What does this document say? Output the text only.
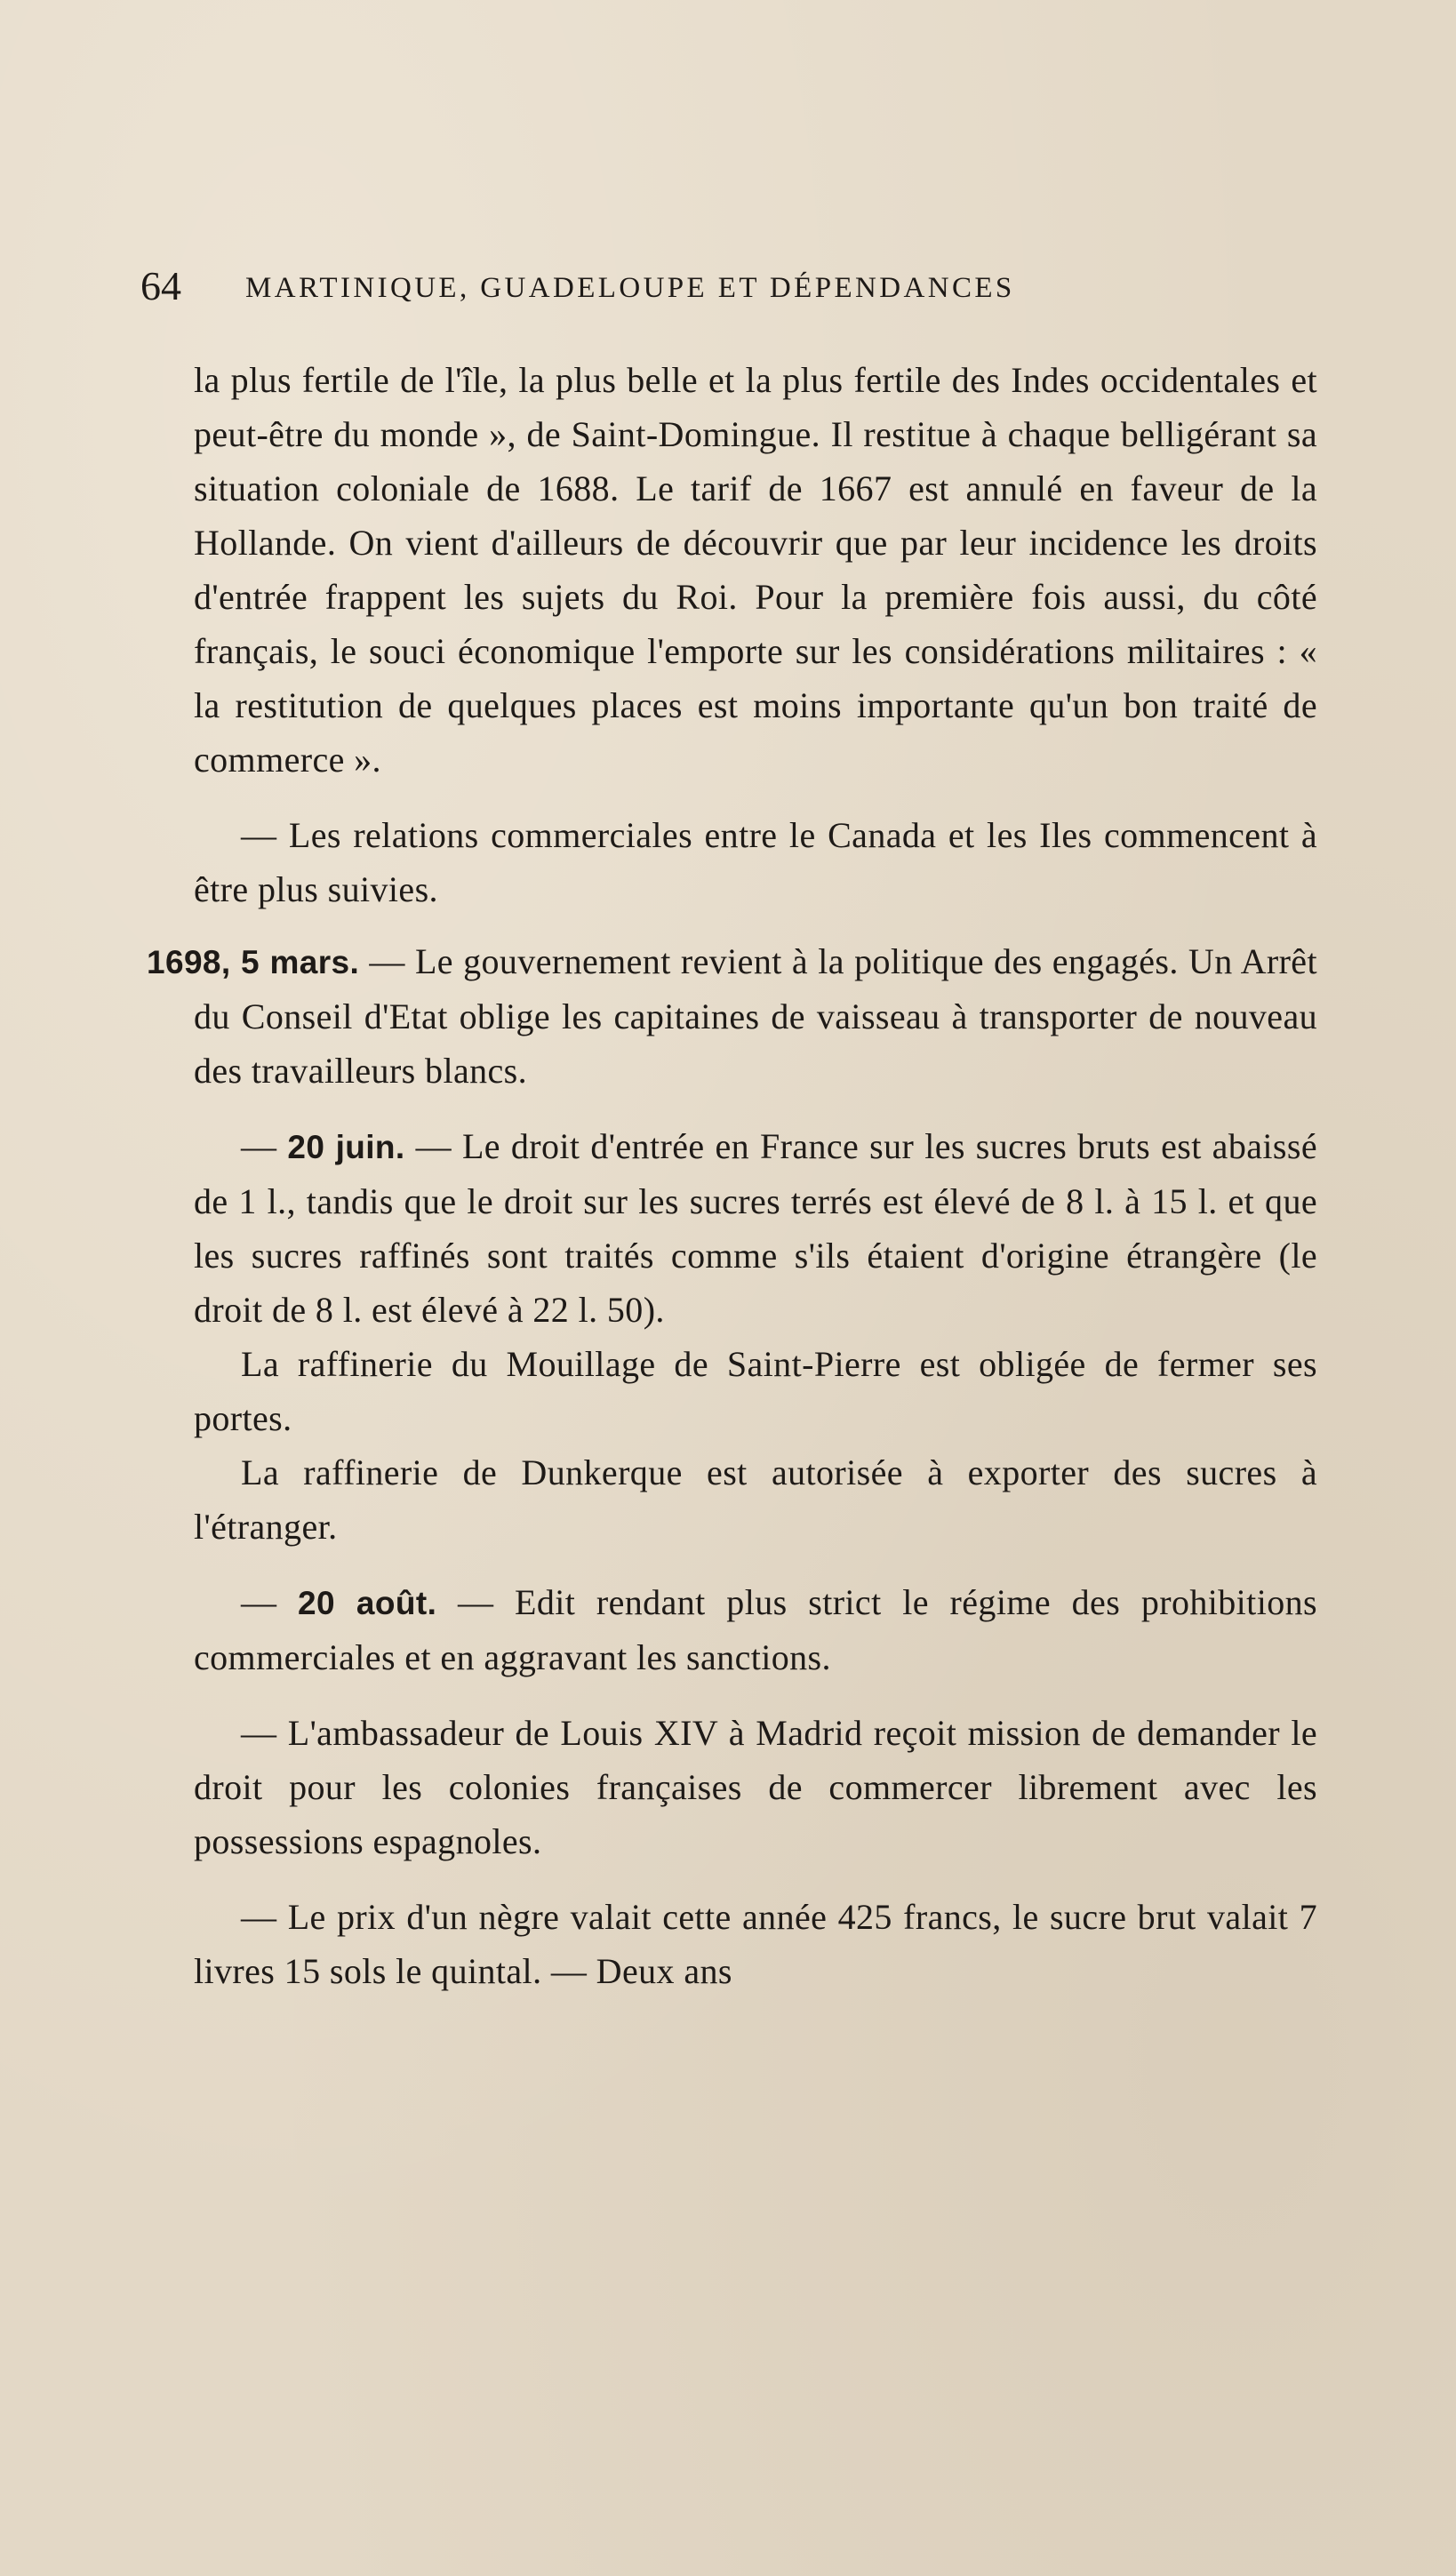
64 MARTINIQUE, GUADELOUPE ET DÉPENDANCES

la plus fertile de l'île, la plus belle et la plus fertile des Indes occidentales et peut-être du monde », de Saint-Domingue. Il restitue à chaque belligérant sa situation coloniale de 1688. Le tarif de 1667 est annulé en faveur de la Hollande. On vient d'ailleurs de découvrir que par leur incidence les droits d'entrée frappent les sujets du Roi. Pour la première fois aussi, du côté français, le souci économique l'emporte sur les considérations militaires : « la restitution de quelques places est moins importante qu'un bon traité de commerce ».

— Les relations commerciales entre le Canada et les Iles commencent à être plus suivies.

1698, 5 mars. — Le gouvernement revient à la politique des engagés. Un Arrêt du Conseil d'Etat oblige les capitaines de vaisseau à transporter de nouveau des travailleurs blancs.

— 20 juin. — Le droit d'entrée en France sur les sucres bruts est abaissé de 1 l., tandis que le droit sur les sucres terrés est élevé de 8 l. à 15 l. et que les sucres raffinés sont traités comme s'ils étaient d'origine étrangère (le droit de 8 l. est élevé à 22 l. 50).

La raffinerie du Mouillage de Saint-Pierre est obligée de fermer ses portes.

La raffinerie de Dunkerque est autorisée à exporter des sucres à l'étranger.

— 20 août. — Edit rendant plus strict le régime des prohibitions commerciales et en aggravant les sanctions.

— L'ambassadeur de Louis XIV à Madrid reçoit mission de demander le droit pour les colonies françaises de commercer librement avec les possessions espagnoles.

— Le prix d'un nègre valait cette année 425 francs, le sucre brut valait 7 livres 15 sols le quintal. — Deux ans
